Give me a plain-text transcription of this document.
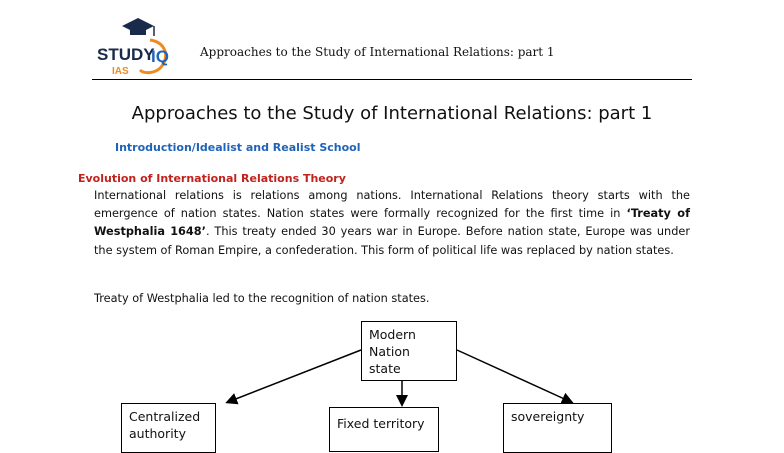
STUDY
IQ
IAS
Approaches to the Study of International Relations: part 1
Approaches to the Study of International Relations: part 1
Introduction/Idealist and Realist School
Evolution of International Relations Theory
International relations is relations among nations. International Relations theory starts with the emergence of nation states. Nation states were formally recognized for the first time in ‘Treaty of Westphalia 1648’. This treaty ended 30 years war in Europe. Before nation state, Europe was under the system of Roman Empire, a confederation. This form of political life was replaced by nation states.
Treaty of Westphalia led to the recognition of nation states.
Modern
Nation
state
Centralized
authority
Fixed territory	sovereignty
